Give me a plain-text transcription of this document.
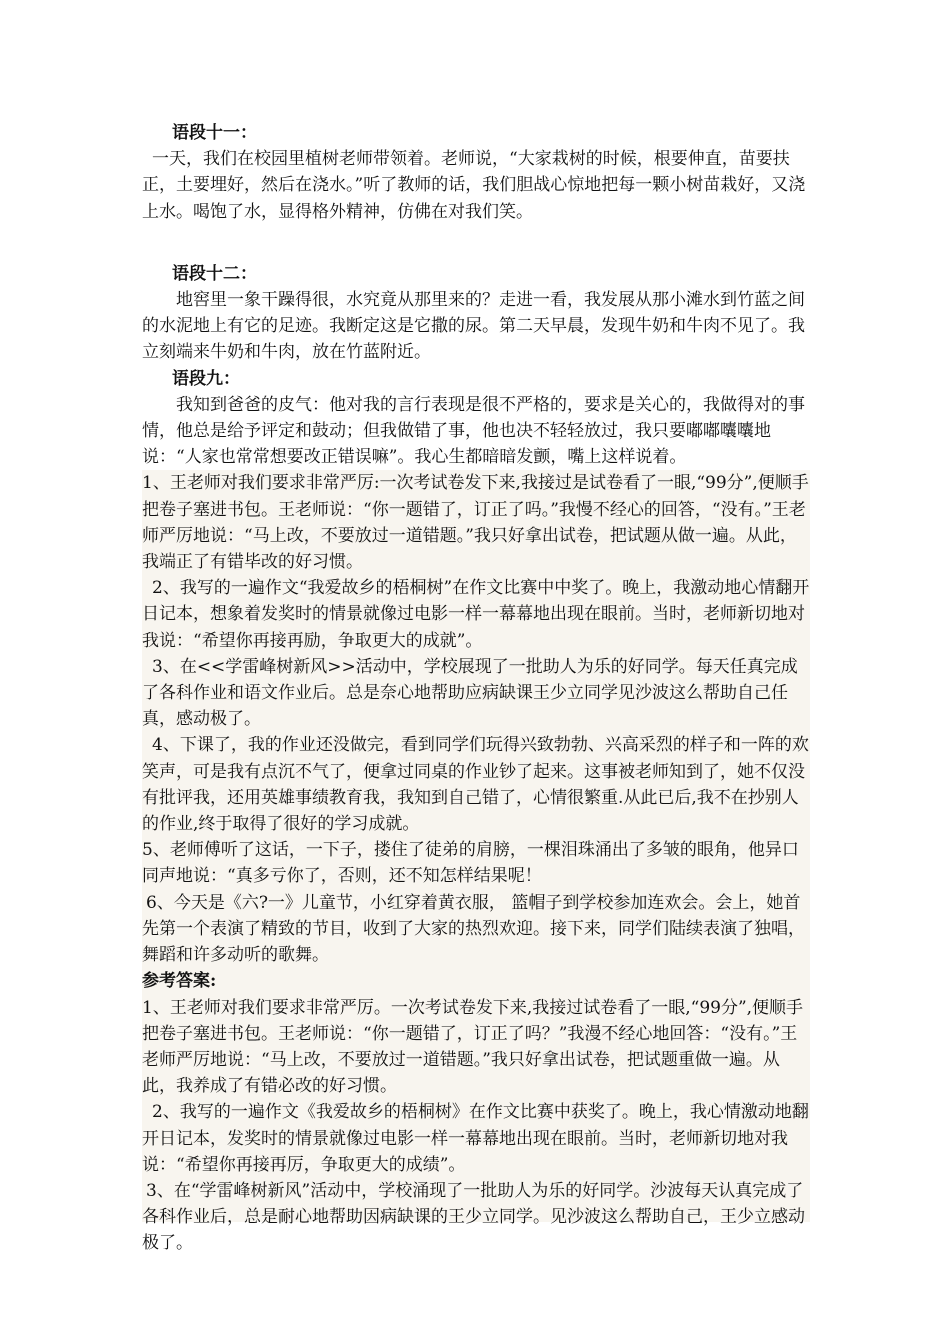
语段十一：

一天，我们在校园里植树老师带领着。老师说，“大家栽树的时候，根要伸直，苗要扶正，土要埋好，然后在浇水。”听了教师的话，我们胆战心惊地把每一颗小树苗栽好，又浇上水。喝饱了水，显得格外精神，仿佛在对我们笑。

语段十二：

地窖里一象干躁得很，水究竟从那里来的？走进一看，我发展从那小滩水到竹蓝之间的水泥地上有它的足迹。我断定这是它撒的尿。第二天早晨，发现牛奶和牛肉不见了。我立刻端来牛奶和牛肉，放在竹蓝附近。

语段九：

我知到爸爸的皮气：他对我的言行表现是很不严格的，要求是关心的，我做得对的事情，他总是给予评定和鼓动；但我做错了事，他也决不轻轻放过，我只要嘟嘟囔囔地说：“人家也常常想要改正错误嘛”。我心生都暗暗发颤，嘴上这样说着。

1、王老师对我们要求非常严厉:一次考试卷发下来,我接过是试卷看了一眼,“99分”,便顺手把卷子塞进书包。王老师说：“你一题错了，订正了吗。”我慢不经心的回答，“没有。”王老师严厉地说：“马上改，不要放过一道错题。”我只好拿出试卷，把试题从做一遍。从此，我端正了有错毕改的好习惯。

2、我写的一遍作文“我爱故乡的梧桐树”在作文比赛中中奖了。晚上，我激动地心情翻开日记本，想象着发奖时的情景就像过电影一样一幕幕地出现在眼前。当时，老师新切地对我说：“希望你再接再励，争取更大的成就”。

3、在<<学雷峰树新风>>活动中，学校展现了一批助人为乐的好同学。每天任真完成了各科作业和语文作业后。总是奈心地帮助应病缺课王少立同学见沙波这么帮助自己任真，感动极了。

4、下课了，我的作业还没做完，看到同学们玩得兴致勃勃、兴高采烈的样子和一阵的欢笑声，可是我有点沉不气了，便拿过同桌的作业钞了起来。这事被老师知到了，她不仅没有批评我，还用英雄事绩教育我，我知到自己错了，心情很繁重.从此已后,我不在抄别人的作业,终于取得了很好的学习成就。

5、老师傅听了这话，一下子，搂住了徒弟的肩膀，一棵泪珠涌出了多皱的眼角，他异口同声地说：“真多亏你了，否则，还不知怎样结果呢！

6、今天是《六?一》儿童节，小红穿着黄衣服， 篮帽子到学校参加连欢会。会上，她首先第一个表演了精致的节目，收到了大家的热烈欢迎。接下来，同学们陆续表演了独唱，舞蹈和许多动听的歌舞。

参考答案:

1、王老师对我们要求非常严厉。一次考试卷发下来,我接过试卷看了一眼,“99分”,便顺手把卷子塞进书包。王老师说：“你一题错了，订正了吗？”我漫不经心地回答：“没有。”王老师严厉地说：“马上改，不要放过一道错题。”我只好拿出试卷，把试题重做一遍。从此，我养成了有错必改的好习惯。

2、我写的一遍作文《我爱故乡的梧桐树》在作文比赛中获奖了。晚上，我心情激动地翻开日记本，发奖时的情景就像过电影一样一幕幕地出现在眼前。当时，老师新切地对我说：“希望你再接再厉，争取更大的成绩”。

3、在“学雷峰树新风”活动中，学校涌现了一批助人为乐的好同学。沙波每天认真完成了各科作业后，总是耐心地帮助因病缺课的王少立同学。见沙波这么帮助自己，王少立感动极了。
